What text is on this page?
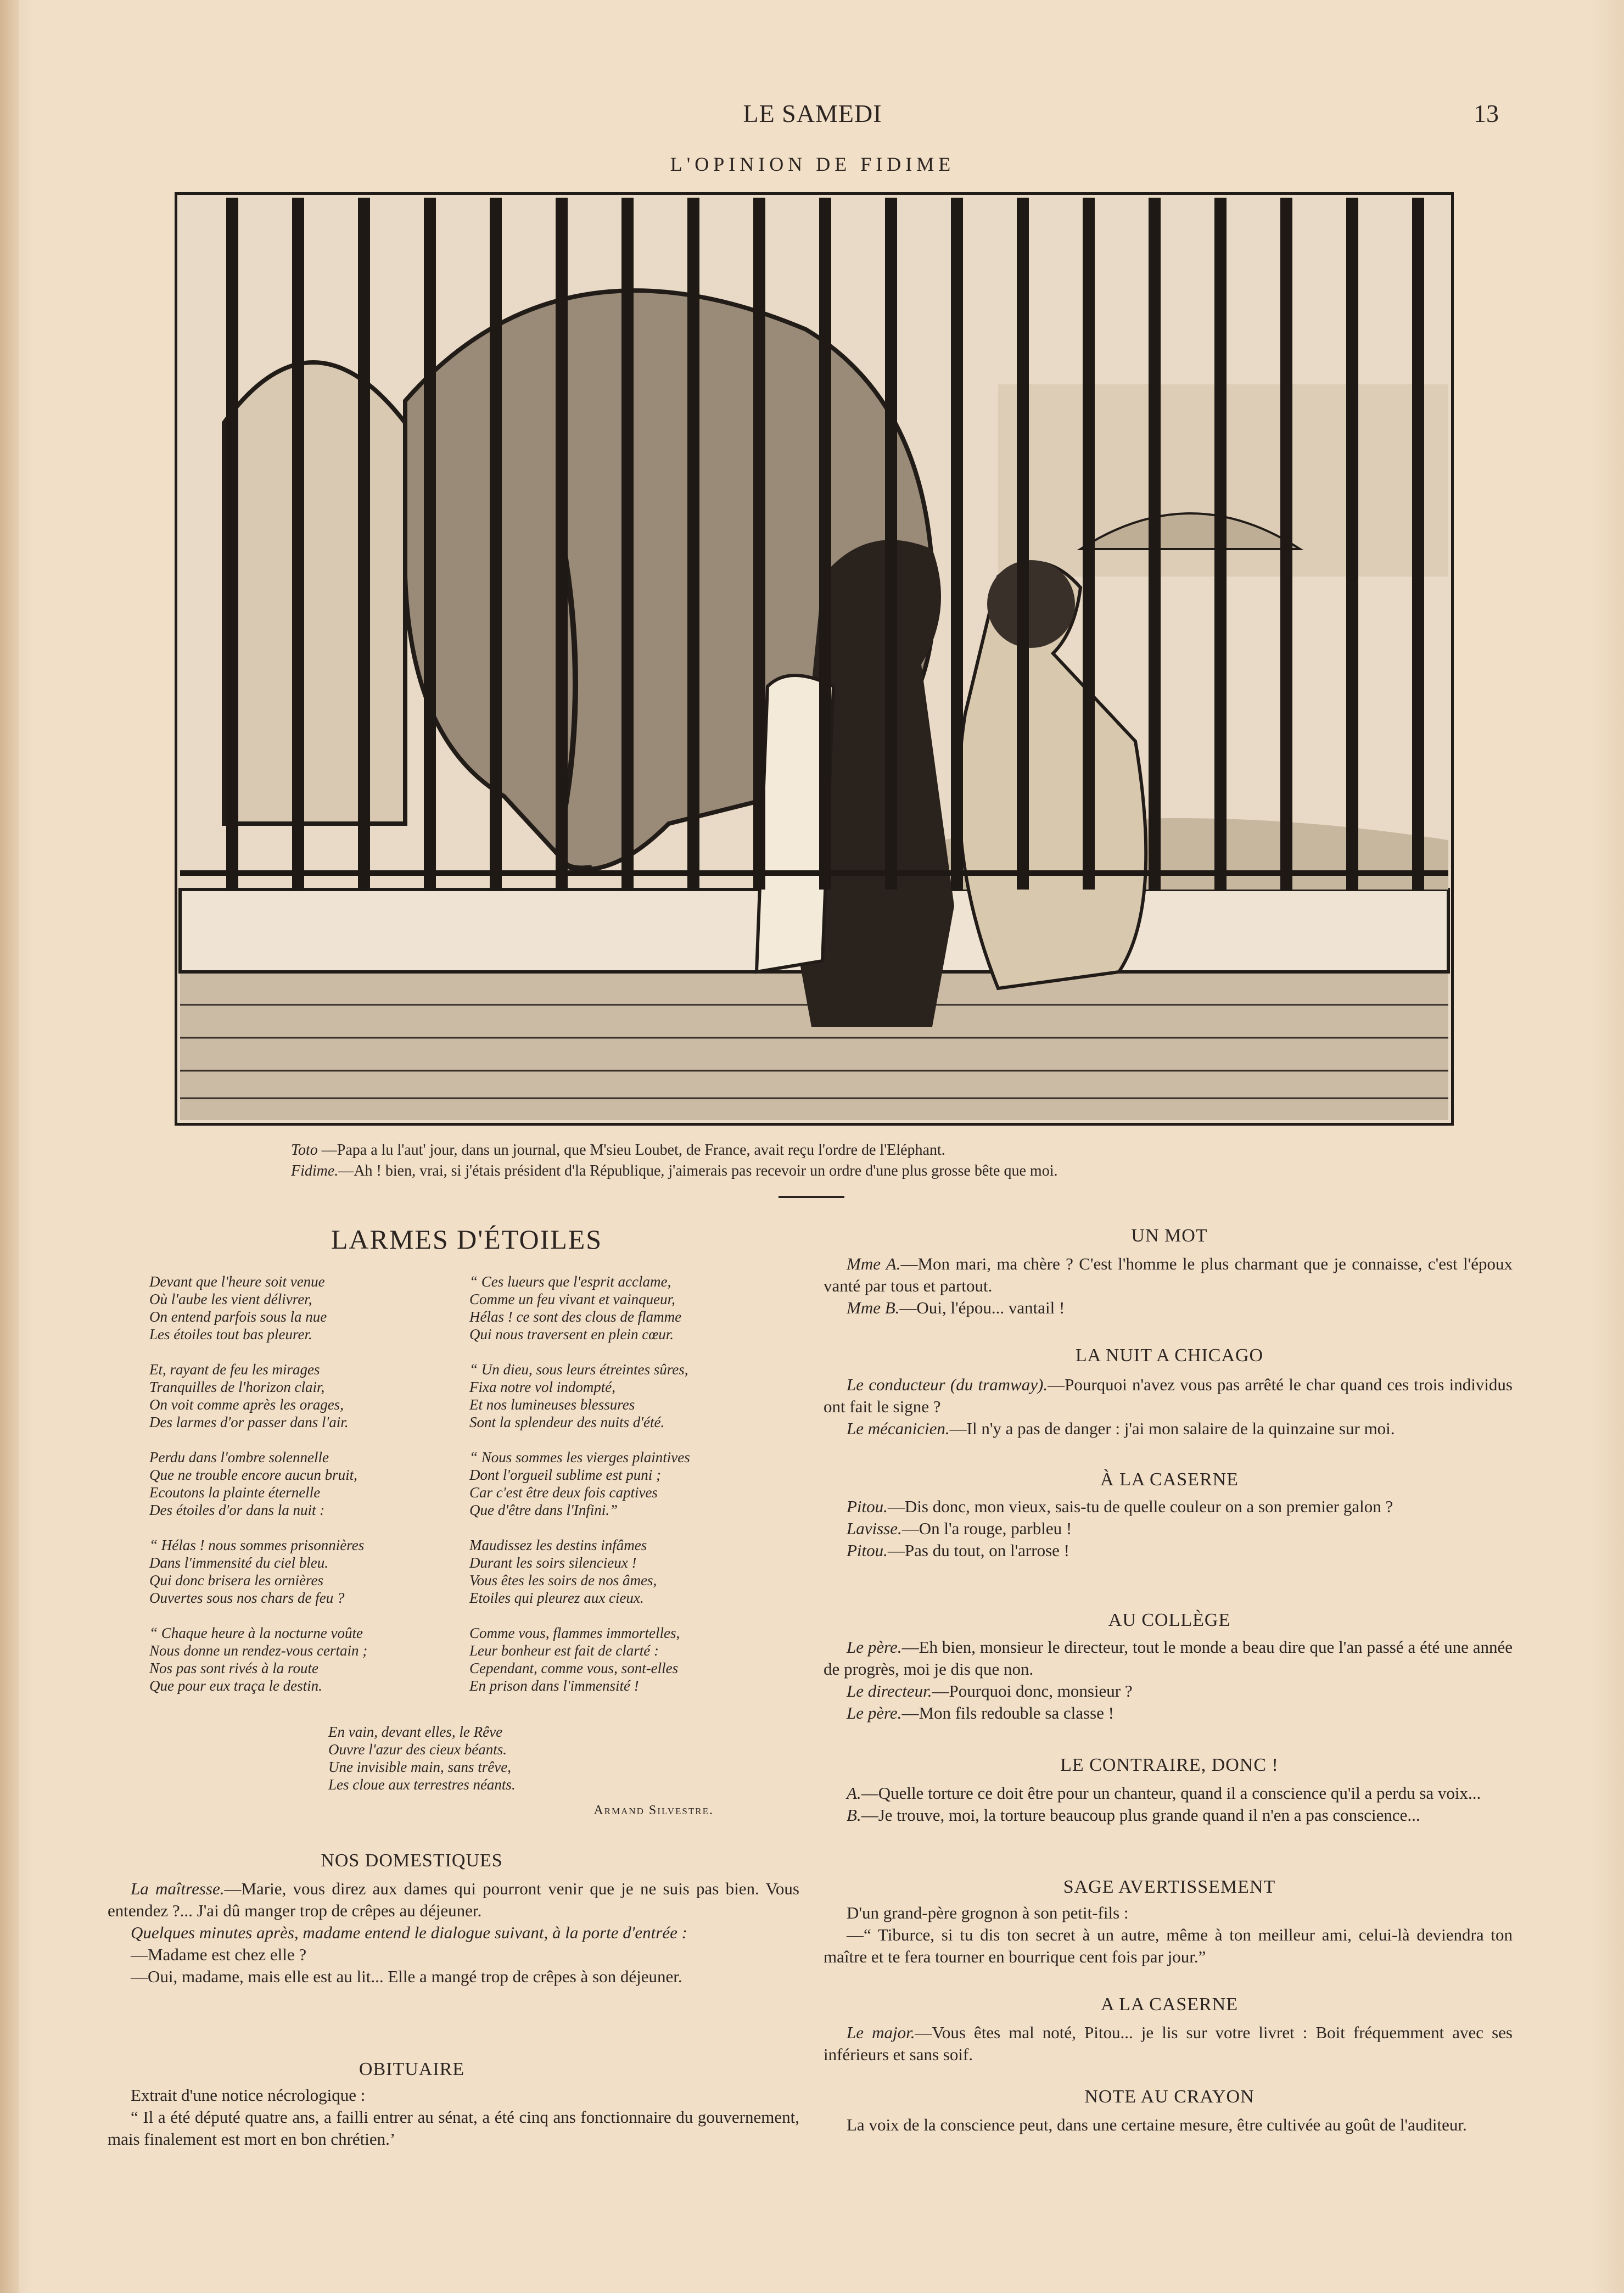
LE SAMEDI	13
L'OPINION DE FIDIME
Toto —Papa a lu l'aut' jour, dans un journal, que M'sieu Loubet, de France, avait reçu l'ordre de l'Eléphant.
Fidime.—Ah ! bien, vrai, si j'étais président d'la République, j'aimerais pas recevoir un ordre d'une plus grosse bête que moi.
LARMES D'ÉTOILES
Devant que l'heure soit venue
Où l'aube les vient délivrer,
On entend parfois sous la nue
Les étoiles tout bas pleurer.
Et, rayant de feu les mirages
Tranquilles de l'horizon clair,
On voit comme après les orages,
Des larmes d'or passer dans l'air.
Perdu dans l'ombre solennelle
Que ne trouble encore aucun bruit,
Ecoutons la plainte éternelle
Des étoiles d'or dans la nuit :
“ Hélas ! nous sommes prisonnières
Dans l'immensité du ciel bleu.
Qui donc brisera les ornières
Ouvertes sous nos chars de feu ?
“ Chaque heure à la nocturne voûte
Nous donne un rendez-vous certain ;
Nos pas sont rivés à la route
Que pour eux traça le destin.
“ Ces lueurs que l'esprit acclame,
Comme un feu vivant et vainqueur,
Hélas ! ce sont des clous de flamme
Qui nous traversent en plein cœur.
“ Un dieu, sous leurs étreintes sûres,
Fixa notre vol indompté,
Et nos lumineuses blessures
Sont la splendeur des nuits d'été.
“ Nous sommes les vierges plaintives
Dont l'orgueil sublime est puni ;
Car c'est être deux fois captives
Que d'être dans l'Infini.”
Maudissez les destins infâmes
Durant les soirs silencieux !
Vous êtes les soirs de nos âmes,
Etoiles qui pleurez aux cieux.
Comme vous, flammes immortelles,
Leur bonheur est fait de clarté :
Cependant, comme vous, sont-elles
En prison dans l'immensité !
En vain, devant elles, le Rêve
Ouvre l'azur des cieux béants.
Une invisible main, sans trêve,
Les cloue aux terrestres néants.
Armand Silvestre.
NOS DOMESTIQUES

La maîtresse.—Marie, vous direz aux dames qui pourront venir que je ne suis pas bien. Vous entendez ?... J'ai dû manger trop de crêpes au déjeuner.

Quelques minutes après, madame entend le dialogue suivant, à la porte d'entrée :

—Madame est chez elle ?

—Oui, madame, mais elle est au lit... Elle a mangé trop de crêpes à son déjeuner.

OBITUAIRE

Extrait d'une notice nécrologique :

“ Il a été député quatre ans, a failli entrer au sénat, a été cinq ans fonctionnaire du gouvernement, mais finalement est mort en bon chrétien.’

UN MOT

Mme A.—Mon mari, ma chère ? C'est l'homme le plus charmant que je connaisse, c'est l'époux vanté par tous et partout.

Mme B.—Oui, l'épou... vantail !

LA NUIT A CHICAGO

Le conducteur (du tramway).—Pourquoi n'avez vous pas arrêté le char quand ces trois individus ont fait le signe ?

Le mécanicien.—Il n'y a pas de danger : j'ai mon salaire de la quinzaine sur moi.

À LA CASERNE

Pitou.—Dis donc, mon vieux, sais-tu de quelle couleur on a son premier galon ?

Lavisse.—On l'a rouge, parbleu !

Pitou.—Pas du tout, on l'arrose !

AU COLLÈGE

Le père.—Eh bien, monsieur le directeur, tout le monde a beau dire que l'an passé a été une année de progrès, moi je dis que non.

Le directeur.—Pourquoi donc, monsieur ?

Le père.—Mon fils redouble sa classe !

LE CONTRAIRE, DONC !

A.—Quelle torture ce doit être pour un chanteur, quand il a conscience qu'il a perdu sa voix...

B.—Je trouve, moi, la torture beaucoup plus grande quand il n'en a pas conscience...

SAGE AVERTISSEMENT

D'un grand-père grognon à son petit-fils :

—“ Tiburce, si tu dis ton secret à un autre, même à ton meilleur ami, celui-là deviendra ton maître et te fera tourner en bourrique cent fois par jour.”

A LA CASERNE

Le major.—Vous êtes mal noté, Pitou... je lis sur votre livret : Boit fréquemment avec ses inférieurs et sans soif.

NOTE AU CRAYON

La voix de la conscience peut, dans une certaine mesure, être cultivée au goût de l'auditeur.
